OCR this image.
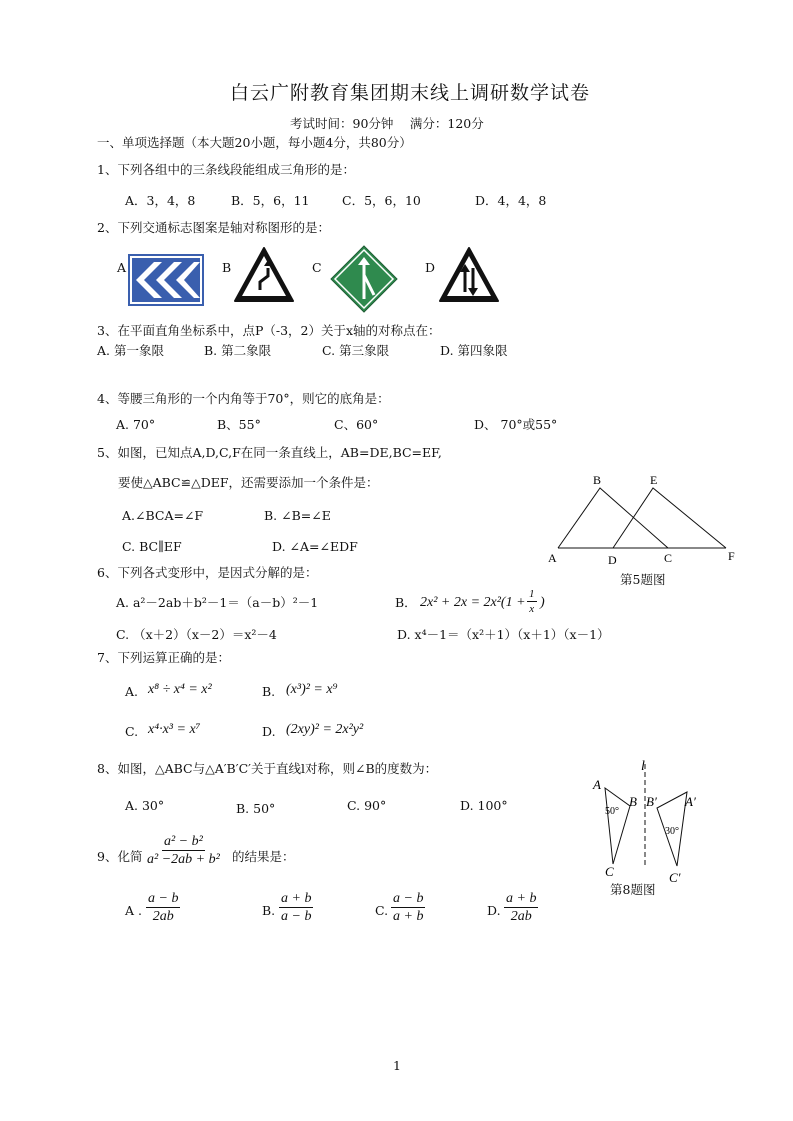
白云广附教育集团期末线上调研数学试卷
考试时间：90分钟　 满分：120分
一、单项选择题（本大题20小题，每小题4分，共80分）
1、下列各组中的三条线段能组成三角形的是：
A．3，4，8	B．5，6，11	C．5，6，10	D．4，4，8
2、下列交通标志图案是轴对称图形的是：
A	B	C	D
3、在平面直角坐标系中，点P（-3，2）关于x轴的对称点在：
A. 第一象限	B. 第二象限	C. 第三象限	D. 第四象限
4、等腰三角形的一个内角等于70°，则它的底角是：
A. 70°	B、55°	C、60°	D、 70°或55°
5、如图，已知点A,D,C,F在同一条直线上，AB=DE,BC=EF,
要使△ABC≌△DEF，还需要添加一个条件是：
A.∠BCA=∠F	B. ∠B=∠E
C. BC∥EF	D. ∠A=∠EDF
A
B
D	C
E
F
第5题图
6、下列各式变形中，是因式分解的是：
A. a²－2ab＋b²－1＝（a－b）²－1	B． $2x^2 + 2x = 2x^2(1 + \frac{1}{x}$ )
C. （x＋2）（x－2）＝x²－4	D. x⁴－1＝（x²＋1）（x＋1）（x－1）
7、下列运算正确的是：
A. x⁸ ÷ x⁴ = x²	B. (x³)² = x⁹
C. x⁴·x³ = x⁷	D. (2xy)² = 2x²y²
8、如图，△ABC与△A′B′C′关于直线l对称，则∠B的度数为：
A. 30°	B. 50°	C. 90°	D. 100°
l
A
B
50°
C
B′ A′
30°
C′
第8题图
9、化简 $\frac{\text{a² − b²}}{\text{a² −2ab + b²}}$ 的结果是：
A . $\frac{a - b}{2ab}$	B. $\frac{a + b}{a - b}$	C. $\frac{a - b}{a + b}$	D. $\frac{a + b}{2ab}$
1
